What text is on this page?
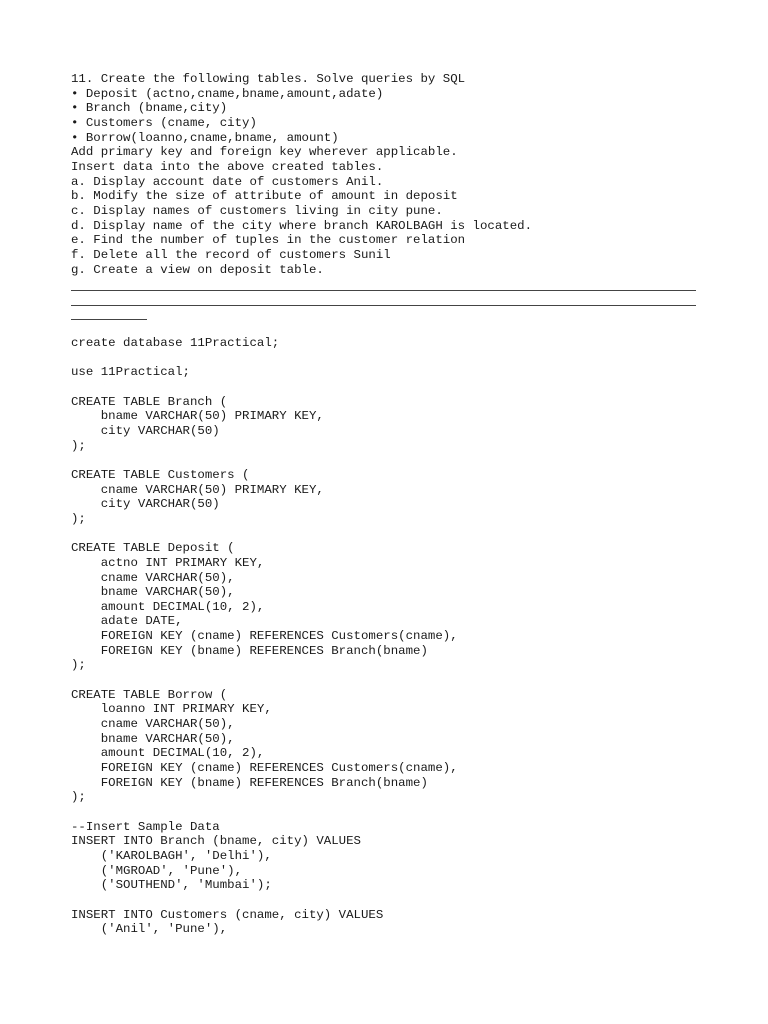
11. Create the following tables. Solve queries by SQL
• Deposit (actno,cname,bname,amount,adate)
• Branch (bname,city)
• Customers (cname, city)
• Borrow(loanno,cname,bname, amount)
Add primary key and foreign key wherever applicable.
Insert data into the above created tables.
a. Display account date of customers Anil.
b. Modify the size of attribute of amount in deposit
c. Display names of customers living in city pune.
d. Display name of the city where branch KAROLBAGH is located.
e. Find the number of tuples in the customer relation
f. Delete all the record of customers Sunil
g. Create a view on deposit table.
create database 11Practical;

use 11Practical;

CREATE TABLE Branch (
bname VARCHAR(50) PRIMARY KEY,
city VARCHAR(50)
);

CREATE TABLE Customers (
cname VARCHAR(50) PRIMARY KEY,
city VARCHAR(50)
);

CREATE TABLE Deposit (
actno INT PRIMARY KEY,
cname VARCHAR(50),
bname VARCHAR(50),
amount DECIMAL(10, 2),
adate DATE,
FOREIGN KEY (cname) REFERENCES Customers(cname),
FOREIGN KEY (bname) REFERENCES Branch(bname)
);

CREATE TABLE Borrow (
loanno INT PRIMARY KEY,
cname VARCHAR(50),
bname VARCHAR(50),
amount DECIMAL(10, 2),
FOREIGN KEY (cname) REFERENCES Customers(cname),
FOREIGN KEY (bname) REFERENCES Branch(bname)
);

--Insert Sample Data
INSERT INTO Branch (bname, city) VALUES
('KAROLBAGH', 'Delhi'),
('MGROAD', 'Pune'),
('SOUTHEND', 'Mumbai');

INSERT INTO Customers (cname, city) VALUES
('Anil', 'Pune'),
